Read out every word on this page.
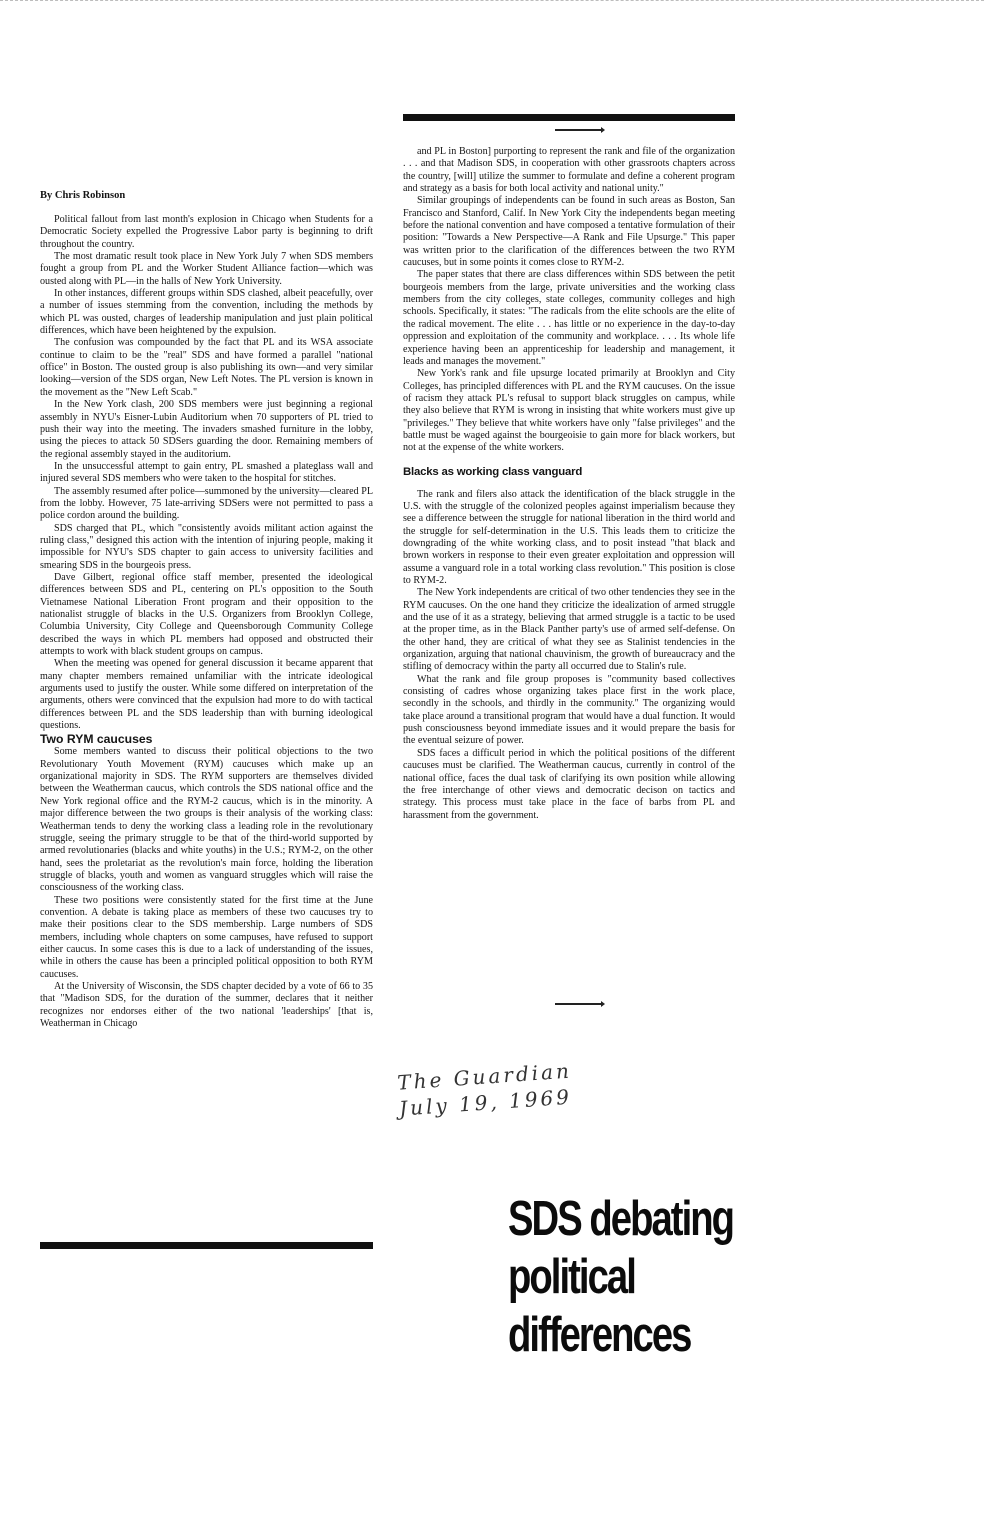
By Chris Robinson

Political fallout from last month's explosion in Chicago when Students for a Democratic Society expelled the Progressive Labor party is beginning to drift throughout the country.

The most dramatic result took place in New York July 7 when SDS members fought a group from PL and the Worker Student Alliance faction—which was ousted along with PL—in the halls of New York University.

In other instances, different groups within SDS clashed, albeit peacefully, over a number of issues stemming from the convention, including the methods by which PL was ousted, charges of leadership manipulation and just plain political differences, which have been heightened by the expulsion.

The confusion was compounded by the fact that PL and its WSA associate continue to claim to be the "real" SDS and have formed a parallel "national office" in Boston. The ousted group is also publishing its own—and very similar looking—version of the SDS organ, New Left Notes. The PL version is known in the movement as the "New Left Scab."

In the New York clash, 200 SDS members were just beginning a regional assembly in NYU's Eisner-Lubin Auditorium when 70 supporters of PL tried to push their way into the meeting. The invaders smashed furniture in the lobby, using the pieces to attack 50 SDSers guarding the door. Remaining members of the regional assembly stayed in the auditorium.

In the unsuccessful attempt to gain entry, PL smashed a plateglass wall and injured several SDS members who were taken to the hospital for stitches.

The assembly resumed after police—summoned by the university—cleared PL from the lobby. However, 75 late-arriving SDSers were not permitted to pass a police cordon around the building.

SDS charged that PL, which "consistently avoids militant action against the ruling class," designed this action with the intention of injuring people, making it impossible for NYU's SDS chapter to gain access to university facilities and smearing SDS in the bourgeois press.

Dave Gilbert, regional office staff member, presented the ideological differences between SDS and PL, centering on PL's opposition to the South Vietnamese National Liberation Front program and their opposition to the nationalist struggle of blacks in the U.S. Organizers from Brooklyn College, Columbia University, City College and Queensborough Community College described the ways in which PL members had opposed and obstructed their attempts to work with black student groups on campus.

When the meeting was opened for general discussion it became apparent that many chapter members remained unfamiliar with the intricate ideological arguments used to justify the ouster. While some differed on interpretation of the arguments, others were convinced that the expulsion had more to do with tactical differences between PL and the SDS leadership than with burning ideological questions.

Two RYM caucuses

Some members wanted to discuss their political objections to the two Revolutionary Youth Movement (RYM) caucuses which make up an organizational majority in SDS. The RYM supporters are themselves divided between the Weatherman caucus, which controls the SDS national office and the New York regional office and the RYM-2 caucus, which is in the minority. A major difference between the two groups is their analysis of the working class: Weatherman tends to deny the working class a leading role in the revolutionary struggle, seeing the primary struggle to be that of the third-world supported by armed revolutionaries (blacks and white youths) in the U.S.; RYM-2, on the other hand, sees the proletariat as the revolution's main force, holding the liberation struggle of blacks, youth and women as vanguard struggles which will raise the consciousness of the working class.

These two positions were consistently stated for the first time at the June convention. A debate is taking place as members of these two caucuses try to make their positions clear to the SDS membership. Large numbers of SDS members, including whole chapters on some campuses, have refused to support either caucus. In some cases this is due to a lack of understanding of the issues, while in others the cause has been a principled political opposition to both RYM caucuses.

At the University of Wisconsin, the SDS chapter decided by a vote of 66 to 35 that "Madison SDS, for the duration of the summer, declares that it neither recognizes nor endorses either of the two national 'leaderships' [that is, Weatherman in Chicago

and PL in Boston] purporting to represent the rank and file of the organization . . . and that Madison SDS, in cooperation with other grassroots chapters across the country, [will] utilize the summer to formulate and define a coherent program and strategy as a basis for both local activity and national unity."

Similar groupings of independents can be found in such areas as Boston, San Francisco and Stanford, Calif. In New York City the independents began meeting before the national convention and have composed a tentative formulation of their position: "Towards a New Perspective—A Rank and File Upsurge." This paper was written prior to the clarification of the differences between the two RYM caucuses, but in some points it comes close to RYM-2.

The paper states that there are class differences within SDS between the petit bourgeois members from the large, private universities and the working class members from the city colleges, state colleges, community colleges and high schools. Specifically, it states: "The radicals from the elite schools are the elite of the radical movement. The elite . . . has little or no experience in the day-to-day oppression and exploitation of the community and workplace. . . . Its whole life experience having been an apprenticeship for leadership and management, it leads and manages the movement."

New York's rank and file upsurge located primarily at Brooklyn and City Colleges, has principled differences with PL and the RYM caucuses. On the issue of racism they attack PL's refusal to support black struggles on campus, while they also believe that RYM is wrong in insisting that white workers must give up "privileges." They believe that white workers have only "false privileges" and the battle must be waged against the bourgeoisie to gain more for black workers, but not at the expense of the white workers.

Blacks as working class vanguard

The rank and filers also attack the identification of the black struggle in the U.S. with the struggle of the colonized peoples against imperialism because they see a difference between the struggle for national liberation in the third world and the struggle for self-determination in the U.S. This leads them to criticize the downgrading of the white working class, and to posit instead "that black and brown workers in response to their even greater exploitation and oppression will assume a vanguard role in a total working class revolution." This position is close to RYM-2.

The New York independents are critical of two other tendencies they see in the RYM caucuses. On the one hand they criticize the idealization of armed struggle and the use of it as a strategy, believing that armed struggle is a tactic to be used at the proper time, as in the Black Panther party's use of armed self-defense. On the other hand, they are critical of what they see as Stalinist tendencies in the organization, arguing that national chauvinism, the growth of bureaucracy and the stifling of democracy within the party all occurred due to Stalin's rule.

What the rank and file group proposes is "community based collectives consisting of cadres whose organizing takes place first in the work place, secondly in the schools, and thirdly in the community." The organizing would take place around a transitional program that would have a dual function. It would push consciousness beyond immediate issues and it would prepare the basis for the eventual seizure of power.

SDS faces a difficult period in which the political positions of the different caucuses must be clarified. The Weatherman caucus, currently in control of the national office, faces the dual task of clarifying its own position while allowing the free interchange of other views and democratic decison on tactics and strategy. This process must take place in the face of barbs from PL and harassment from the government.

The Guardian
July 19, 1969
SDS debating
political
differences
